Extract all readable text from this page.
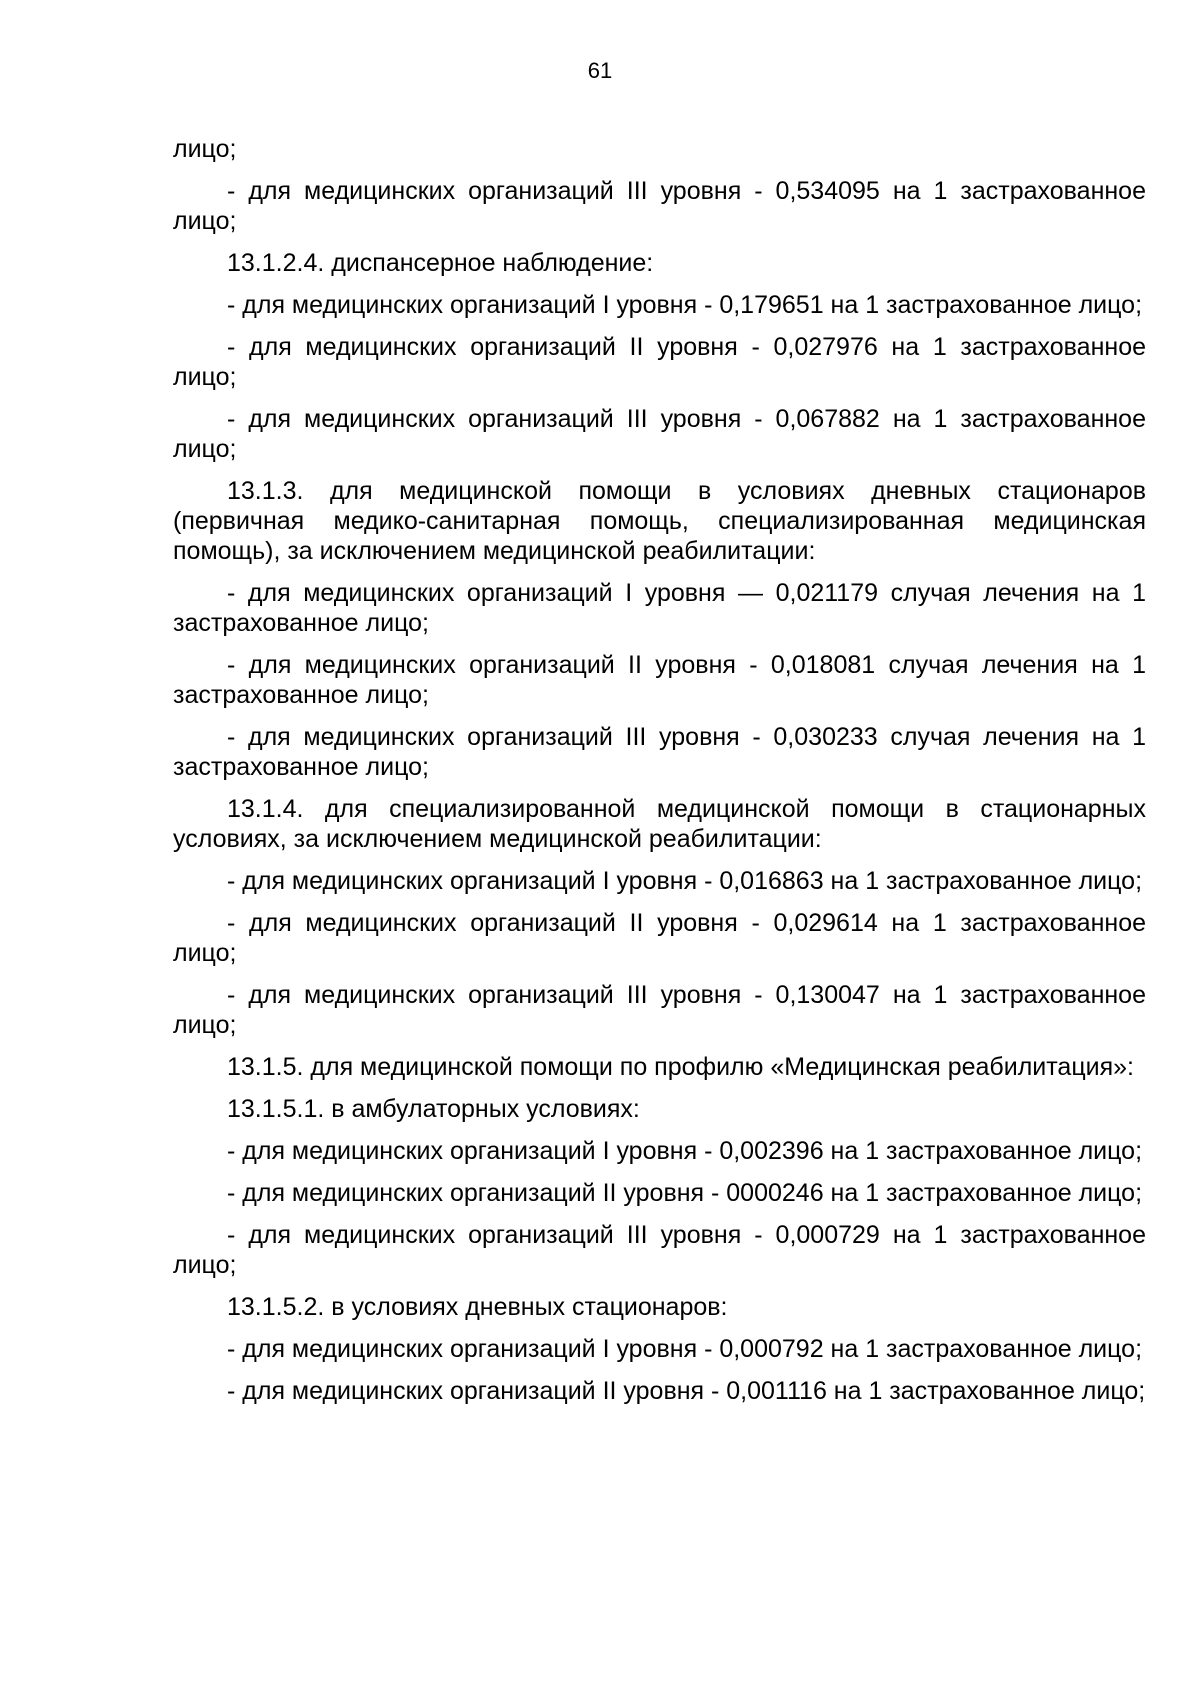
61

лицо;

- для медицинских организаций III уровня - 0,534095 на 1 застрахованное лицо;

13.1.2.4. диспансерное наблюдение:

- для медицинских организаций I уровня - 0,179651 на 1 застрахованное лицо;

- для медицинских организаций II уровня - 0,027976 на 1 застрахованное лицо;

- для медицинских организаций III уровня - 0,067882 на 1 застрахованное лицо;

13.1.3. для медицинской помощи в условиях дневных стационаров (первичная медико-санитарная помощь, специализированная медицинская помощь), за исключением медицинской реабилитации:

- для медицинских организаций I уровня — 0,021179 случая лечения на 1 застрахованное лицо;

- для медицинских организаций II уровня - 0,018081 случая лечения на 1 застрахованное лицо;

- для медицинских организаций III уровня - 0,030233 случая лечения на 1 застрахованное лицо;

13.1.4. для специализированной медицинской помощи в стационарных условиях, за исключением медицинской реабилитации:

- для медицинских организаций I уровня - 0,016863 на 1 застрахованное лицо;

- для медицинских организаций II уровня - 0,029614 на 1 застрахованное лицо;

- для медицинских организаций III уровня - 0,130047 на 1 застрахованное лицо;

13.1.5. для медицинской помощи по профилю «Медицинская реабилитация»:

13.1.5.1. в амбулаторных условиях:

- для медицинских организаций I уровня - 0,002396 на 1 застрахованное лицо;

- для медицинских организаций II уровня - 0000246 на 1 застрахованное лицо;

- для медицинских организаций III уровня - 0,000729 на 1 застрахованное лицо;

13.1.5.2. в условиях дневных стационаров:

- для медицинских организаций I уровня - 0,000792 на 1 застрахованное лицо;

- для медицинских организаций II уровня - 0,001116 на 1 застрахованное лицо;
